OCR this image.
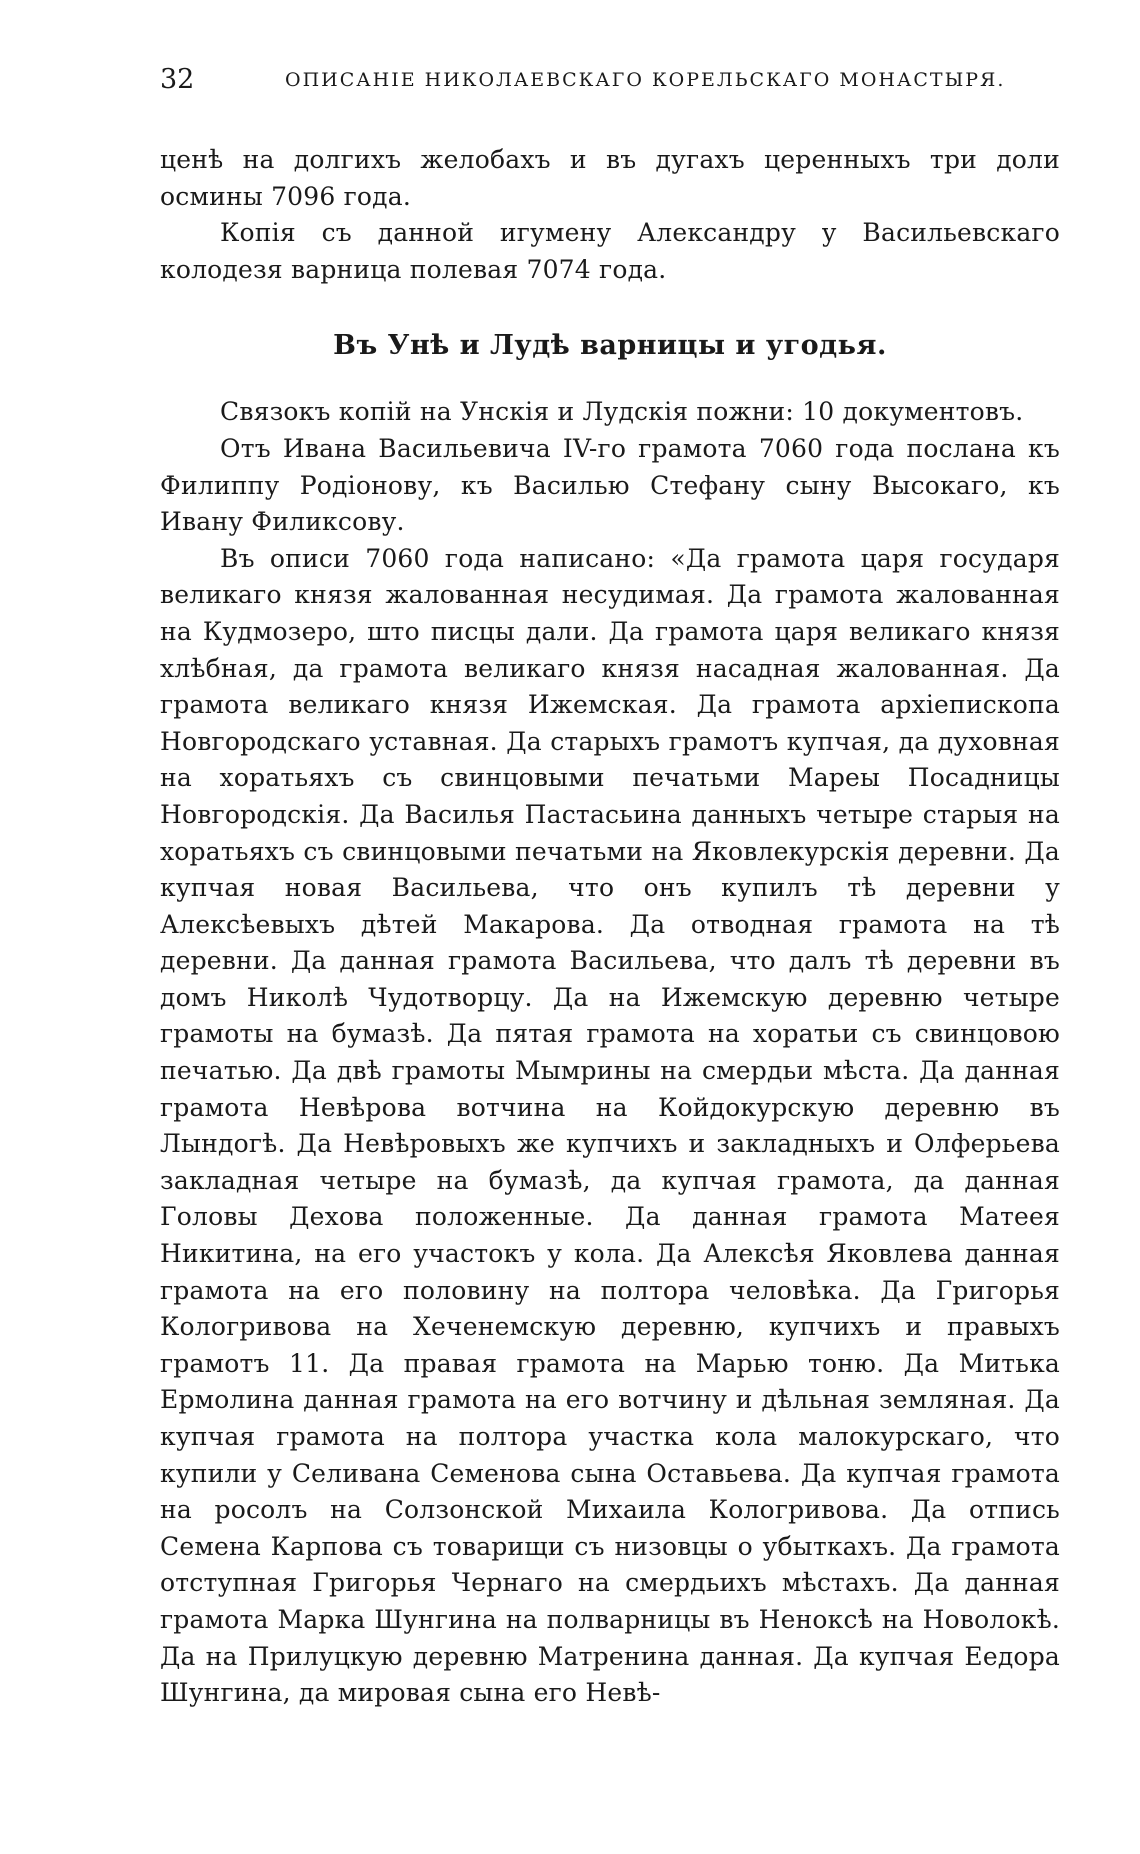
32	ОПИСАНІЕ НИКОЛАЕВСКАГО КОРЕЛЬСКАГО МОНАСТЫРЯ.

ценѣ на долгихъ желобахъ и въ дугахъ церенныхъ три доли осмины 7096 года.

Копія съ данной игумену Александру у Васильевскаго колодезя варница полевая 7074 года.

Въ Унѣ и Лудѣ варницы и угодья.

Связокъ копій на Унскія и Лудскія пожни: 10 документовъ.

Отъ Ивана Васильевича IV-го грамота 7060 года послана къ Филиппу Родіонову, къ Василью Стефану сыну Высокаго, къ Ивану Филиксову.

Въ описи 7060 года написано: «Да грамота царя государя великаго князя жалованная несудимая. Да грамота жалованная на Кудмозеро, што писцы дали. Да грамота царя великаго князя хлѣбная, да грамота великаго князя насадная жалованная. Да грамота великаго князя Ижемская. Да грамота архіепископа Новгородскаго уставная. Да старыхъ грамотъ купчая, да духовная на хоратьяхъ съ свинцовыми печатьми Мареы Посадницы Новгородскія. Да Василья Пастасьина данныхъ четыре старыя на хоратьяхъ съ свинцовыми печатьми на Яковлекурскія деревни. Да купчая новая Васильева, что онъ купилъ тѣ деревни у Алексѣевыхъ дѣтей Макарова. Да отводная грамота на тѣ деревни. Да данная грамота Васильева, что далъ тѣ деревни въ домъ Николѣ Чудотворцу. Да на Ижемскую деревню четыре грамоты на бумазѣ. Да пятая грамота на хоратьи съ свинцовою печатью. Да двѣ грамоты Мымрины на смердьи мѣста. Да данная грамота Невѣрова вотчина на Койдокурскую деревню въ Лындогѣ. Да Невѣровыхъ же купчихъ и закладныхъ и Олферьева закладная четыре на бумазѣ, да купчая грамота, да данная Головы Дехова положенные. Да данная грамота Матеея Никитина, на его участокъ у кола. Да Алексѣя Яковлева данная грамота на его половину на полтора человѣка. Да Григорья Кологривова на Хеченемскую деревню, купчихъ и правыхъ грамотъ 11. Да правая грамота на Марью тоню. Да Митька Ермолина данная грамота на его вотчину и дѣльная земляная. Да купчая грамота на полтора участка кола малокурскаго, что купили у Селивана Семенова сына Оставьева. Да купчая грамота на росолъ на Солзонской Михаила Кологривова. Да отпись Семена Карпова съ товарищи съ низовцы о убыткахъ. Да грамота отступная Григорья Чернаго на смердьихъ мѣстахъ. Да данная грамота Марка Шунгина на полварницы въ Ненoксѣ на Новолокѣ. Да на Прилуцкую деревню Матренина данная. Да купчая Еедора Шунгина, да мировая сына его Невѣ-
